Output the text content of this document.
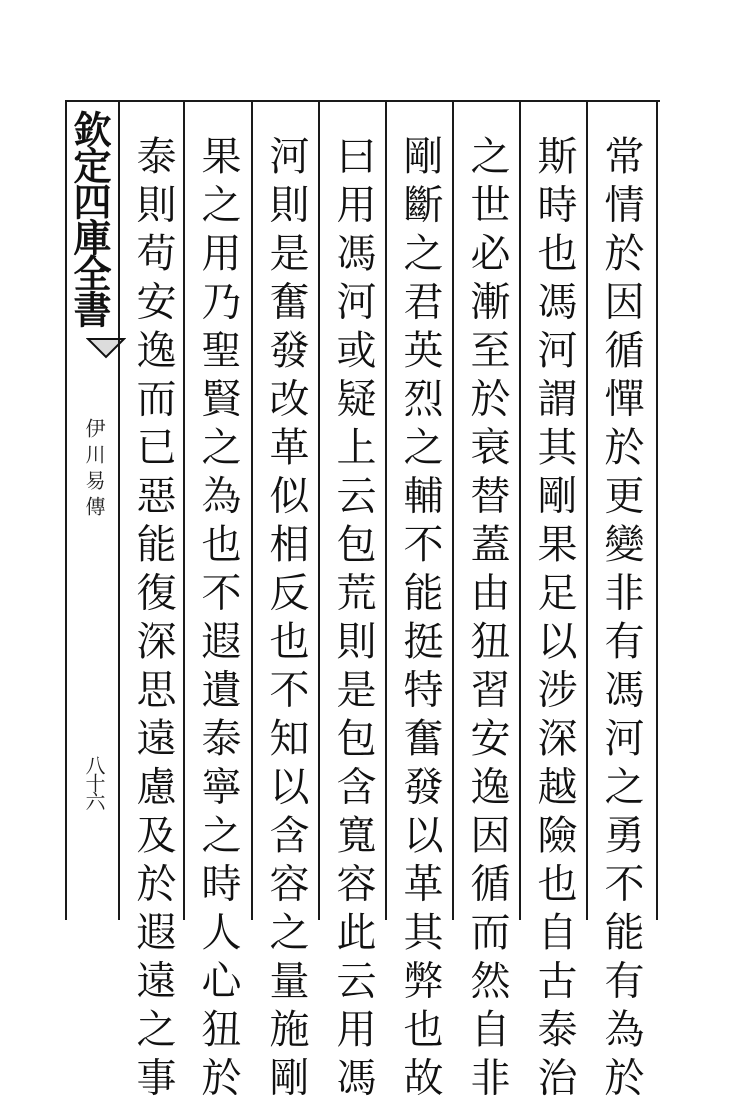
欽定四庫全書
伊川易傳
八十六	常情於因循憚於更變非有馮河之勇不能有為於
斯時也馮河謂其剛果足以涉深越險也自古泰治
之世必漸至於衰替蓋由狃習安逸因循而然自非
剛斷之君英烈之輔不能挺特奮發以革其弊也故
曰用馮河或疑上云包荒則是包含寬容此云用馮
河則是奮發改革似相反也不知以含容之量施剛
果之用乃聖賢之為也不遐遺泰寧之時人心狃於
泰則苟安逸而已惡能復深思遠慮及於遐遠之事
